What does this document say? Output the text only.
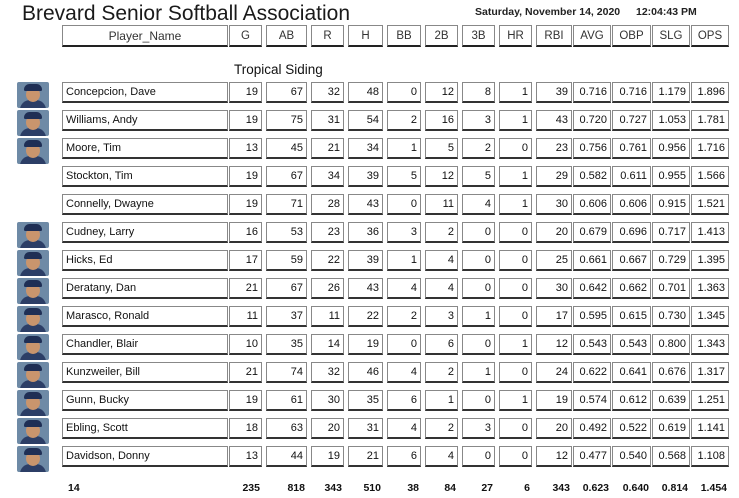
Brevard Senior Softball Association	Saturday, November 14, 2020 12:04:43 PM
Player_Name	G	AB	R	H	BB	2B	3B	HR	RBI	AVG	OBP	SLG	OPS
Tropical Siding
Concepcion, Dave	19	67	32	48	0	12	8	1	39	0.716	0.716	1.179	1.896
Williams, Andy	19	75	31	54	2	16	3	1	43	0.720	0.727	1.053	1.781
Moore, Tim	13	45	21	34	1	5	2	0	23	0.756	0.761	0.956	1.716
Stockton, Tim	19	67	34	39	5	12	5	1	29	0.582	0.611	0.955	1.566
Connelly, Dwayne	19	71	28	43	0	11	4	1	30	0.606	0.606	0.915	1.521
Cudney, Larry	16	53	23	36	3	2	0	0	20	0.679	0.696	0.717	1.413
Hicks, Ed	17	59	22	39	1	4	0	0	25	0.661	0.667	0.729	1.395
Deratany, Dan	21	67	26	43	4	4	0	0	30	0.642	0.662	0.701	1.363
Marasco, Ronald	11	37	11	22	2	3	1	0	17	0.595	0.615	0.730	1.345
Chandler, Blair	10	35	14	19	0	6	0	1	12	0.543	0.543	0.800	1.343
Kunzweiler, Bill	21	74	32	46	4	2	1	0	24	0.622	0.641	0.676	1.317
Gunn, Bucky	19	61	30	35	6	1	0	1	19	0.574	0.612	0.639	1.251
Ebling, Scott	18	63	20	31	4	2	3	0	20	0.492	0.522	0.619	1.141
Davidson, Donny	13	44	19	21	6	4	0	0	12	0.477	0.540	0.568	1.108
14	235	818	343	510	38	84	27	6	343	0.623	0.640	0.814	1.454
